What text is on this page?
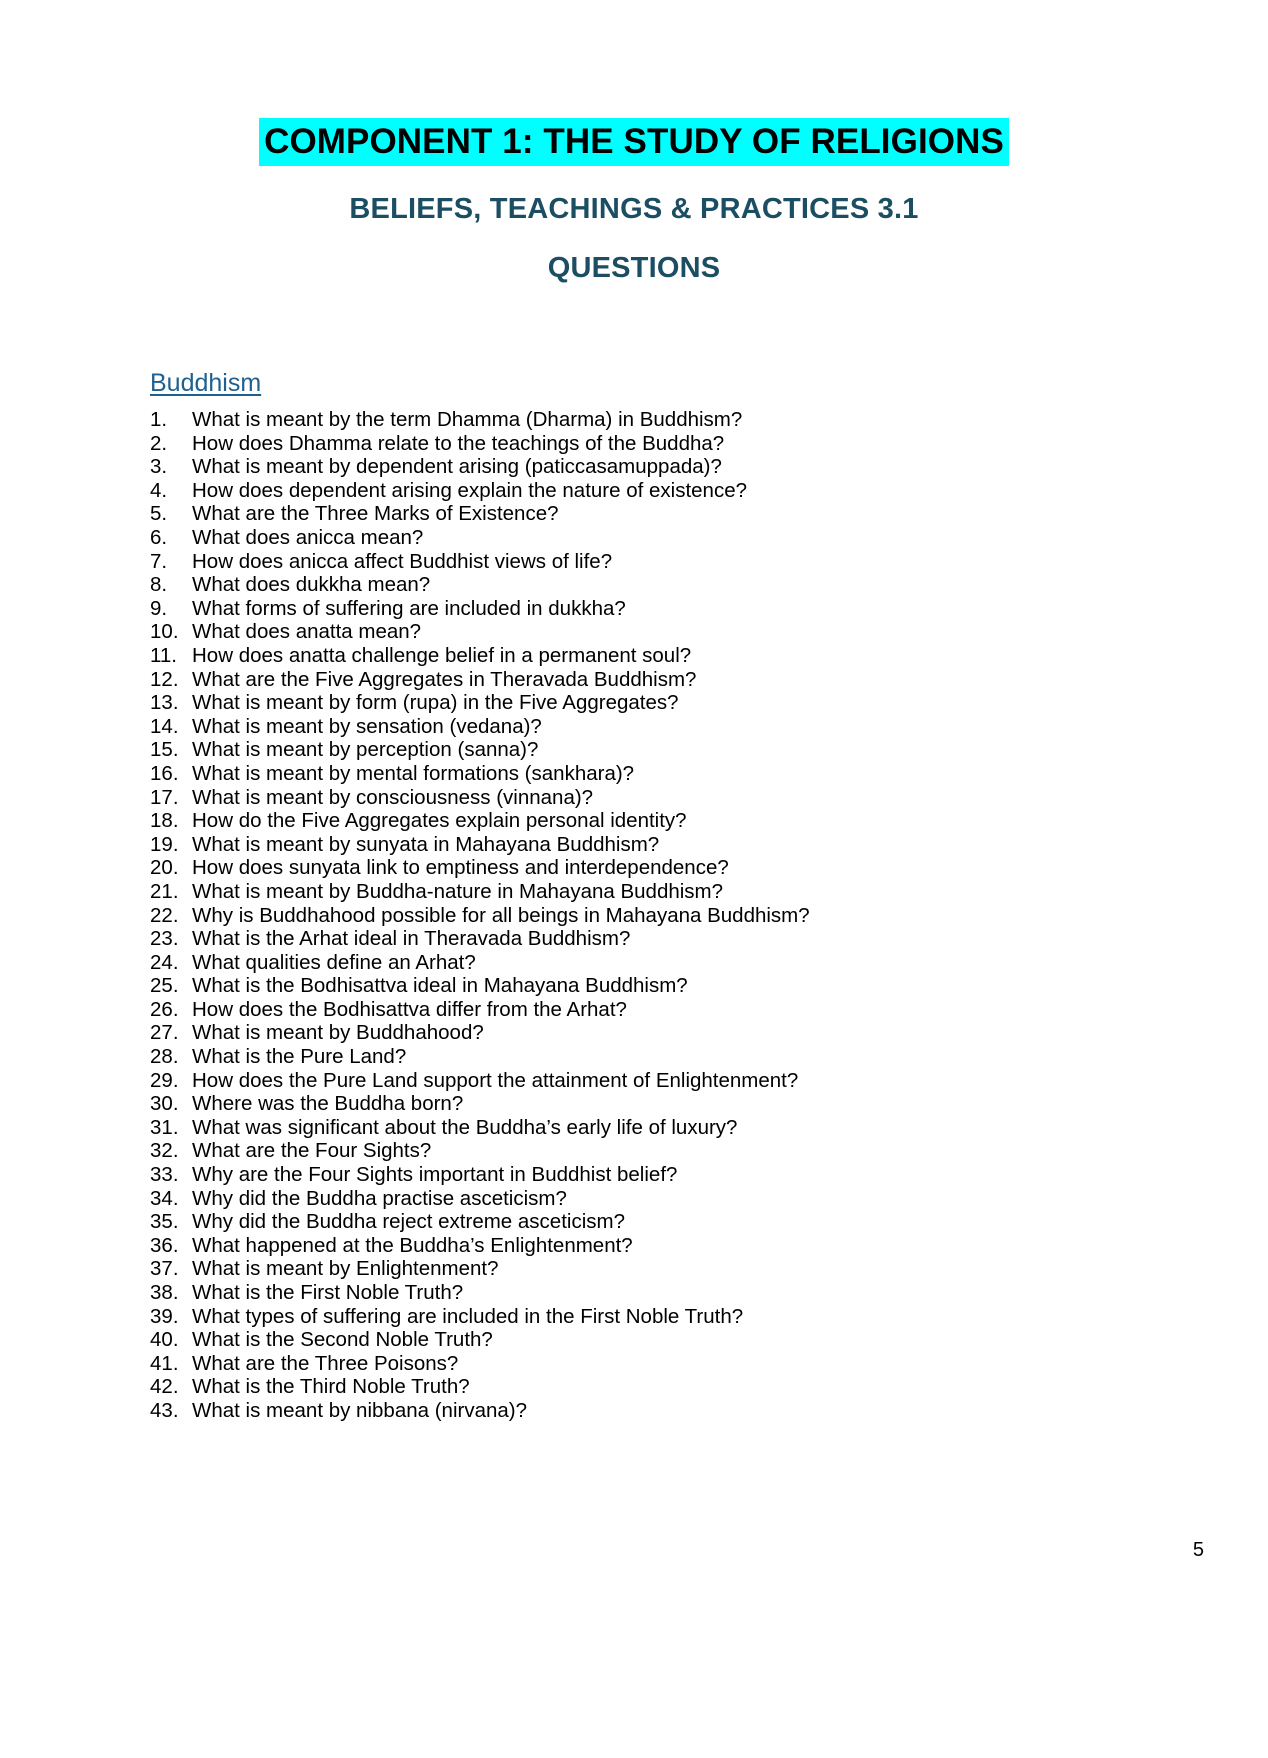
COMPONENT 1: THE STUDY OF RELIGIONS
BELIEFS, TEACHINGS & PRACTICES 3.1
QUESTIONS
Buddhism
What is meant by the term Dhamma (Dharma) in Buddhism?
How does Dhamma relate to the teachings of the Buddha?
What is meant by dependent arising (paticcasamuppada)?
How does dependent arising explain the nature of existence?
What are the Three Marks of Existence?
What does anicca mean?
How does anicca affect Buddhist views of life?
What does dukkha mean?
What forms of suffering are included in dukkha?
What does anatta mean?
How does anatta challenge belief in a permanent soul?
What are the Five Aggregates in Theravada Buddhism?
What is meant by form (rupa) in the Five Aggregates?
What is meant by sensation (vedana)?
What is meant by perception (sanna)?
What is meant by mental formations (sankhara)?
What is meant by consciousness (vinnana)?
How do the Five Aggregates explain personal identity?
What is meant by sunyata in Mahayana Buddhism?
How does sunyata link to emptiness and interdependence?
What is meant by Buddha-nature in Mahayana Buddhism?
Why is Buddhahood possible for all beings in Mahayana Buddhism?
What is the Arhat ideal in Theravada Buddhism?
What qualities define an Arhat?
What is the Bodhisattva ideal in Mahayana Buddhism?
How does the Bodhisattva differ from the Arhat?
What is meant by Buddhahood?
What is the Pure Land?
How does the Pure Land support the attainment of Enlightenment?
Where was the Buddha born?
What was significant about the Buddha’s early life of luxury?
What are the Four Sights?
Why are the Four Sights important in Buddhist belief?
Why did the Buddha practise asceticism?
Why did the Buddha reject extreme asceticism?
What happened at the Buddha’s Enlightenment?
What is meant by Enlightenment?
What is the First Noble Truth?
What types of suffering are included in the First Noble Truth?
What is the Second Noble Truth?
What are the Three Poisons?
What is the Third Noble Truth?
What is meant by nibbana (nirvana)?
5
